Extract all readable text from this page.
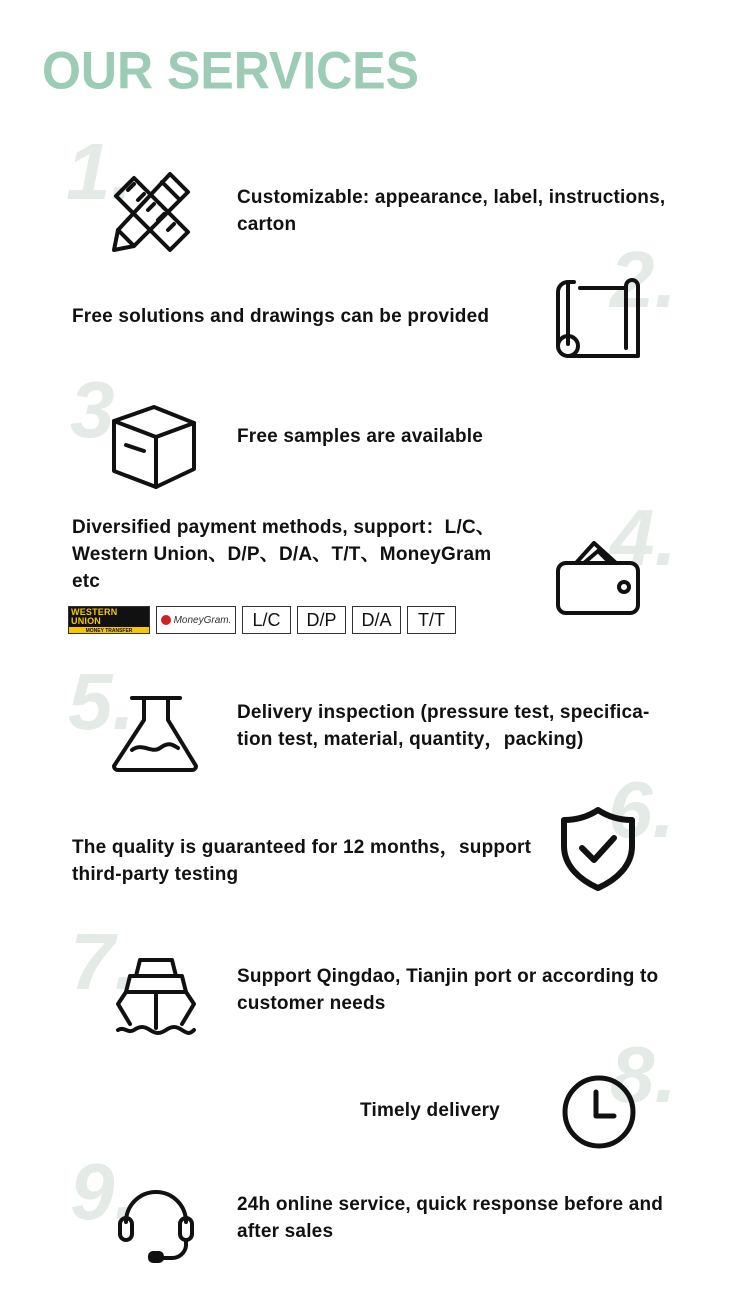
OUR SERVICES
1.	Customizable: appearance, label, instructions, carton
2.
Free solutions and drawings can be provided
3	Free samples are available
4.
Diversified payment methods, support：L/C、Western Union、D/P、D/A、T/T、MoneyGram etc
WESTERN UNION
MONEY TRANSFER
MoneyGram.	L/C	D/P	D/A	T/T
5.	Delivery inspection (pressure test, specifica-tion test, material, quantity，packing)
6.
The quality is guaranteed for 12 months，support third-party testing
7.	Support Qingdao, Tianjin port or according to customer needs
8.
Timely delivery
9.	24h online service, quick response before and after sales
